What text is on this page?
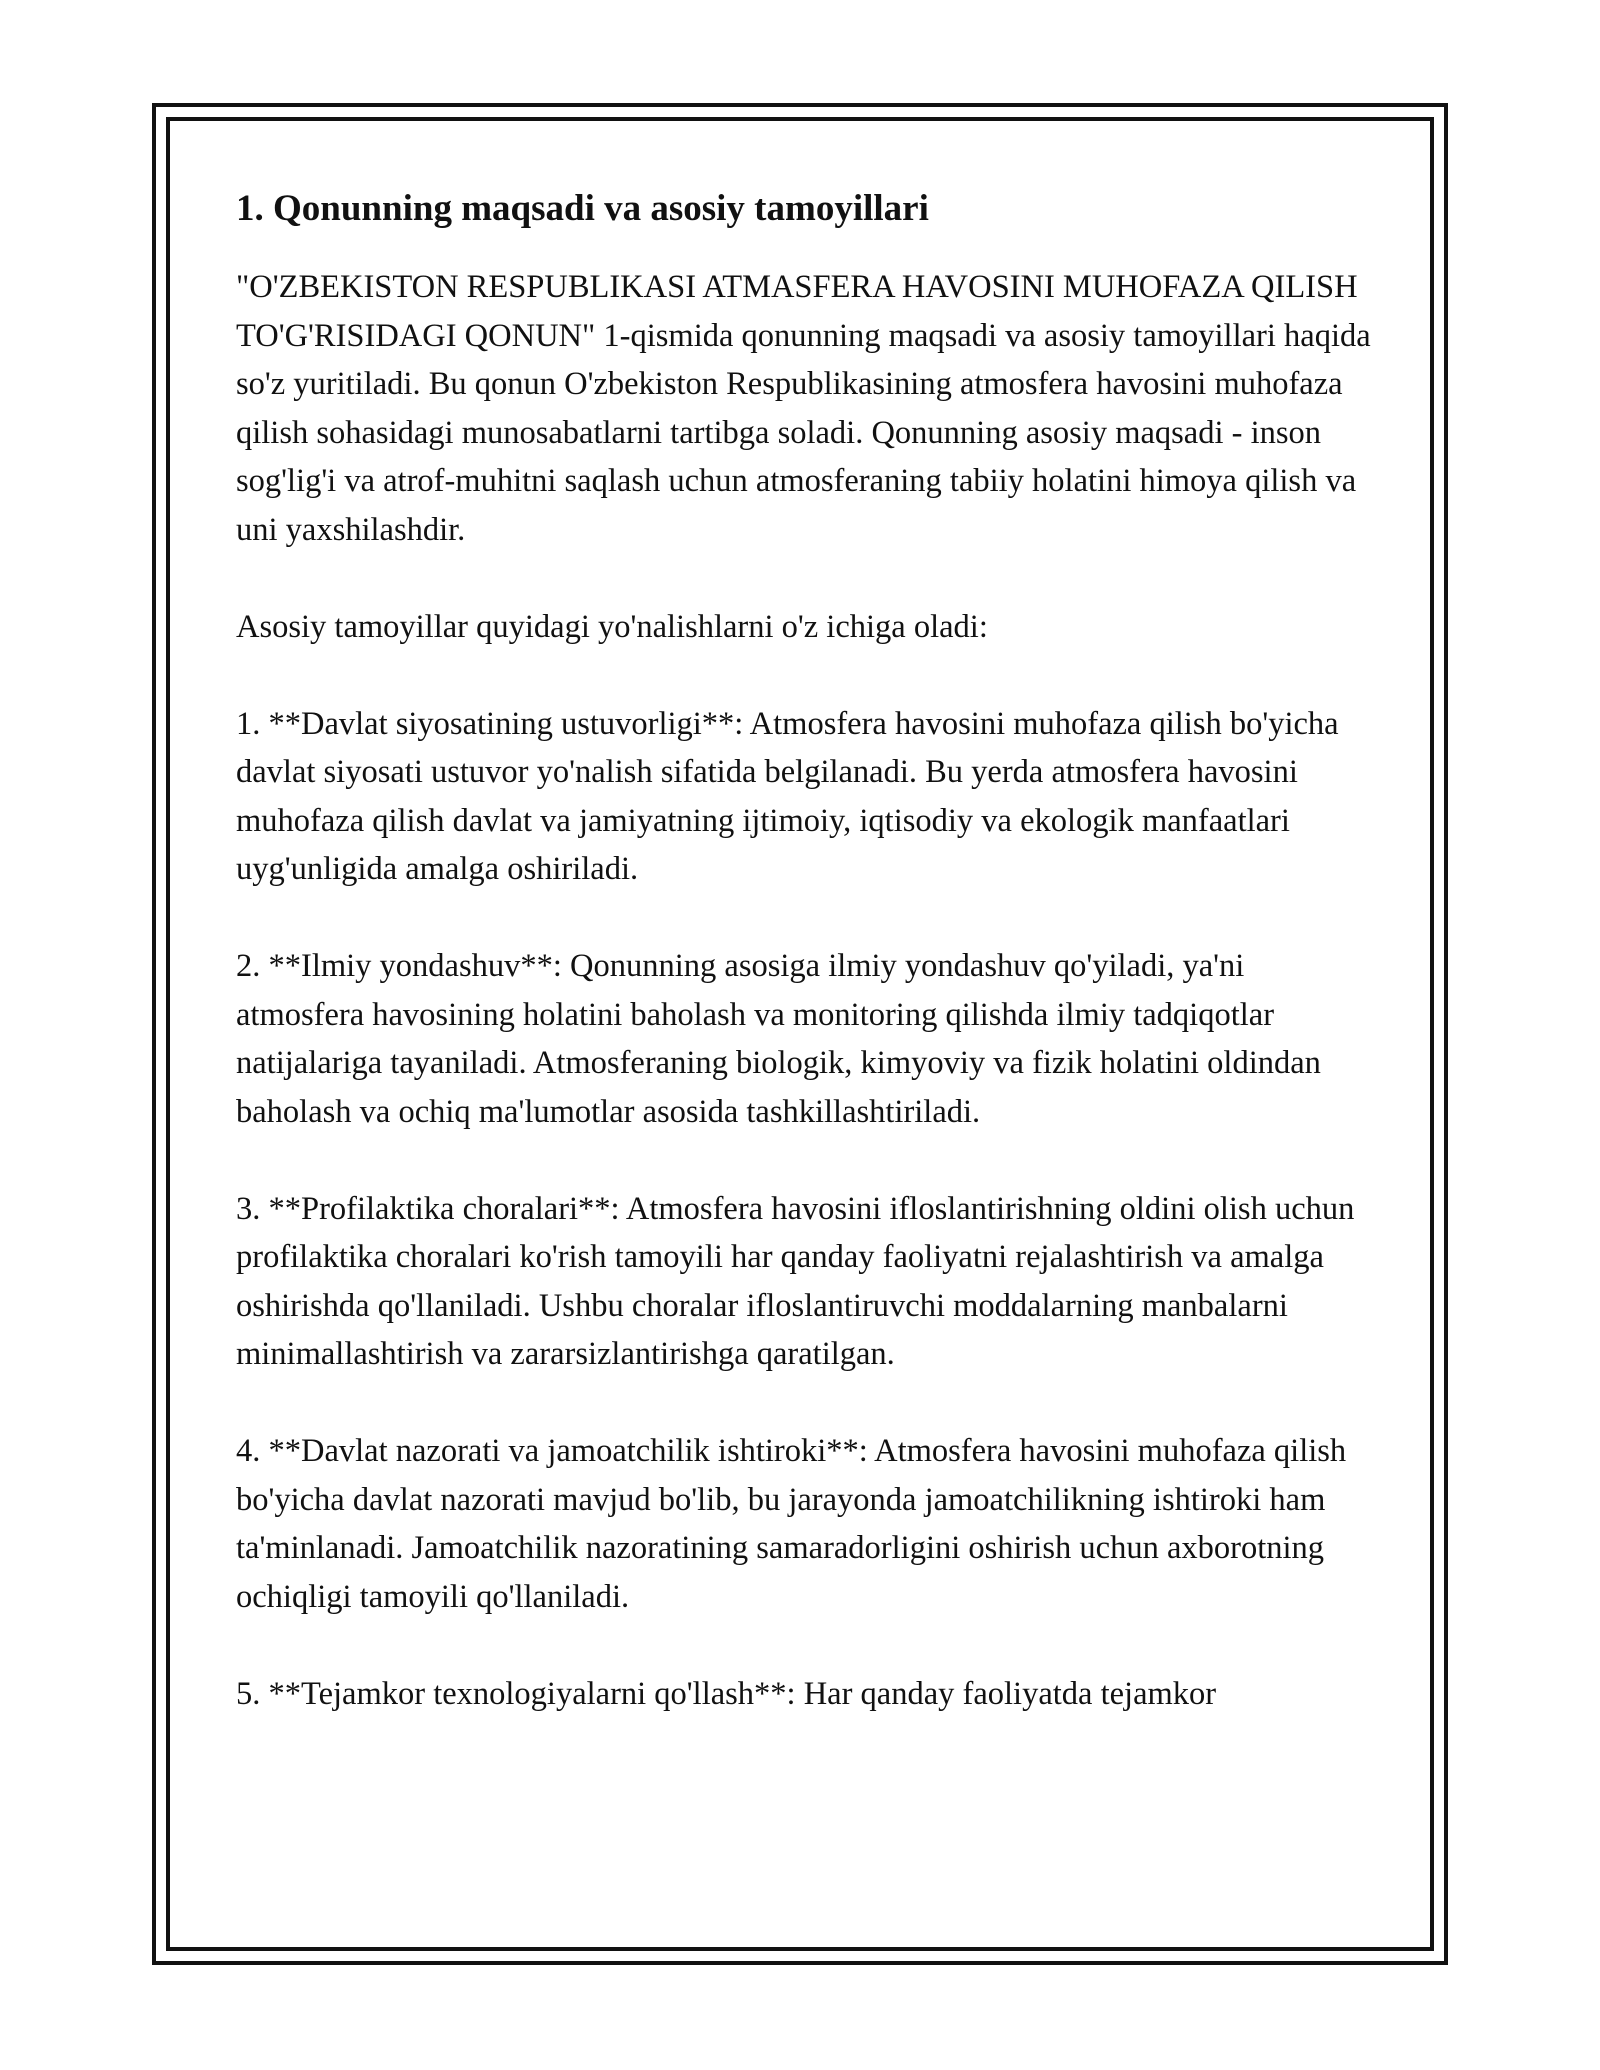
1. Qonunning maqsadi va asosiy tamoyillari

"O'ZBEKISTON RESPUBLIKASI ATMASFERA HAVOSINI MUHOFAZA QILISH TO'G'RISIDAGI QONUN" 1-qismida qonunning maqsadi va asosiy tamoyillari haqida so'z yuritiladi. Bu qonun O'zbekiston Respublikasining atmosfera havosini muhofaza qilish sohasidagi munosabatlarni tartibga soladi. Qonunning asosiy maqsadi - inson sog'lig'i va atrof-muhitni saqlash uchun atmosferaning tabiiy holatini himoya qilish va uni yaxshilashdir.

Asosiy tamoyillar quyidagi yo'nalishlarni o'z ichiga oladi:

1. **Davlat siyosatining ustuvorligi**: Atmosfera havosini muhofaza qilish bo'yicha davlat siyosati ustuvor yo'nalish sifatida belgilanadi. Bu yerda atmosfera havosini muhofaza qilish davlat va jamiyatning ijtimoiy, iqtisodiy va ekologik manfaatlari uyg'unligida amalga oshiriladi.

2. **Ilmiy yondashuv**: Qonunning asosiga ilmiy yondashuv qo'yiladi, ya'ni atmosfera havosining holatini baholash va monitoring qilishda ilmiy tadqiqotlar natijalariga tayaniladi. Atmosferaning biologik, kimyoviy va fizik holatini oldindan baholash va ochiq ma'lumotlar asosida tashkillashtiriladi.

3. **Profilaktika choralari**: Atmosfera havosini ifloslantirishning oldini olish uchun profilaktika choralari ko'rish tamoyili har qanday faoliyatni rejalashtirish va amalga oshirishda qo'llaniladi. Ushbu choralar ifloslantiruvchi moddalarning manbalarni minimallashtirish va zararsizlantirishga qaratilgan.

4. **Davlat nazorati va jamoatchilik ishtiroki**: Atmosfera havosini muhofaza qilish bo'yicha davlat nazorati mavjud bo'lib, bu jarayonda jamoatchilikning ishtiroki ham ta'minlanadi. Jamoatchilik nazoratining samaradorligini oshirish uchun axborotning ochiqligi tamoyili qo'llaniladi.

5. **Tejamkor texnologiyalarni qo'llash**: Har qanday faoliyatda tejamkor
